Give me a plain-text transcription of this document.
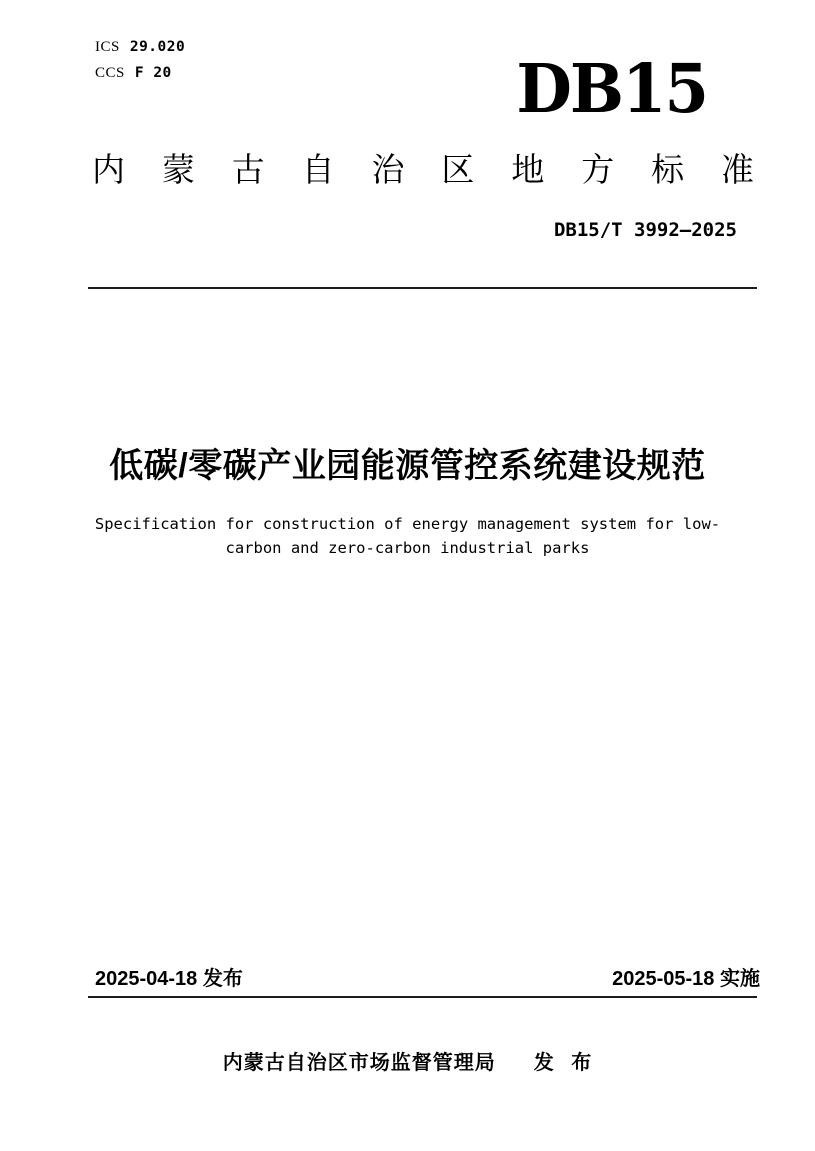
ICS 29.020
CCS F 20	DB15
内 蒙 古 自 治 区 地 方 标 准
DB15/T 3992—2025
低碳/零碳产业园能源管控系统建设规范
Specification for construction of energy management system for low-
carbon and zero-carbon industrial parks
2025-04-18 发布	2025-05-18 实施
内蒙古自治区市场监督管理局 发 布
